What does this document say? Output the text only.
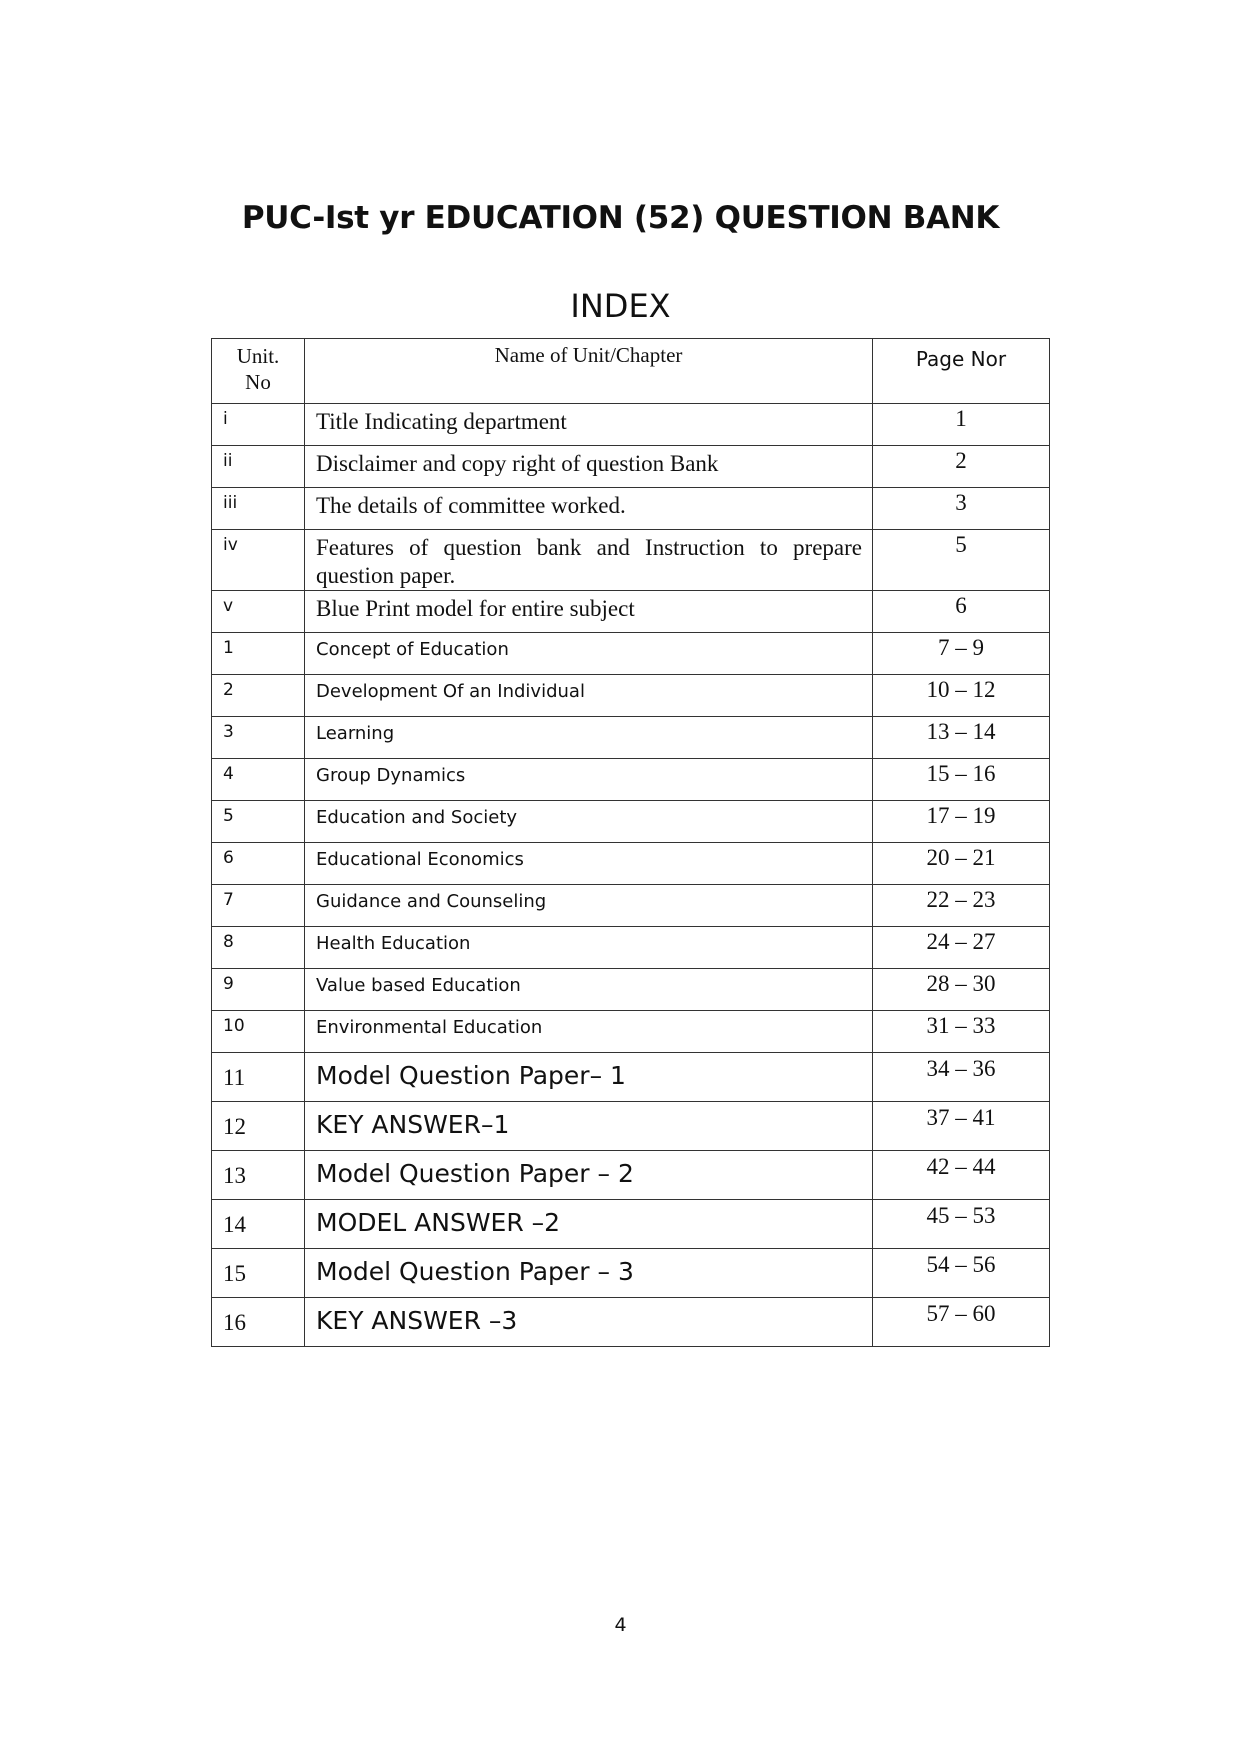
PUC-Ist yr EDUCATION (52) QUESTION BANK
INDEX
Unit.
No	Name of Unit/Chapter	Page Nor
i	Title Indicating department	1
ii	Disclaimer and copy right of question Bank	2
iii	The details of committee worked.	3
iv	Features of question bank and Instruction to prepare question paper.	5
v	Blue Print model for entire subject	6
1	Concept of Education	7 – 9
2	Development Of an Individual	10 – 12
3	Learning	13 – 14
4	Group Dynamics	15 – 16
5	Education and Society	17 – 19
6	Educational Economics	20 – 21
7	Guidance and Counseling	22 – 23
8	Health Education	24 – 27
9	Value based Education	28 – 30
10	Environmental Education	31 – 33
11	Model Question Paper– 1	34 – 36
12	KEY ANSWER–1	37 – 41
13	Model Question Paper – 2	42 – 44
14	MODEL ANSWER –2	45 – 53
15	Model Question Paper – 3	54 – 56
16	KEY ANSWER –3	57 – 60
4
